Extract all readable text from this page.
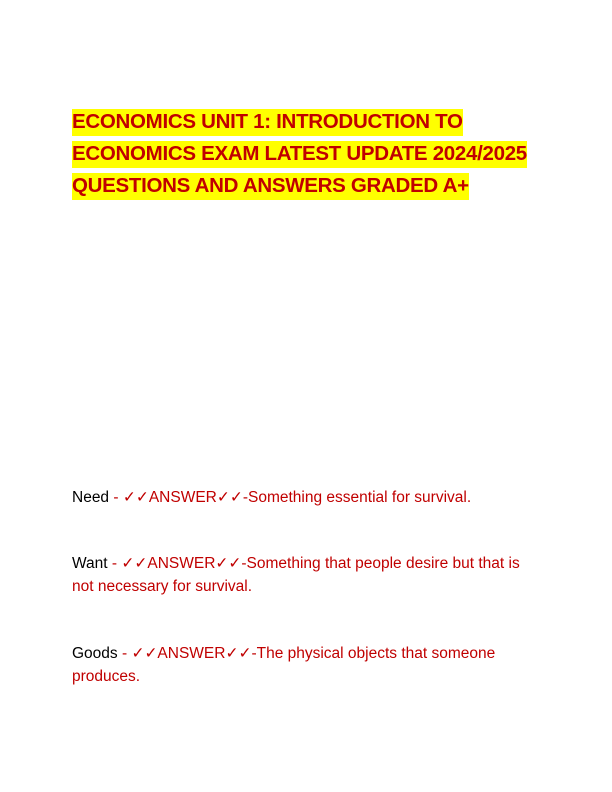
ECONOMICS UNIT 1: INTRODUCTION TO
ECONOMICS EXAM LATEST UPDATE 2024/2025
QUESTIONS AND ANSWERS GRADED A+

Need - ✓✓ANSWER✓✓-Something essential for survival.

Want - ✓✓ANSWER✓✓-Something that people desire but that is not necessary for survival.

Goods - ✓✓ANSWER✓✓-The physical objects that someone produces.
